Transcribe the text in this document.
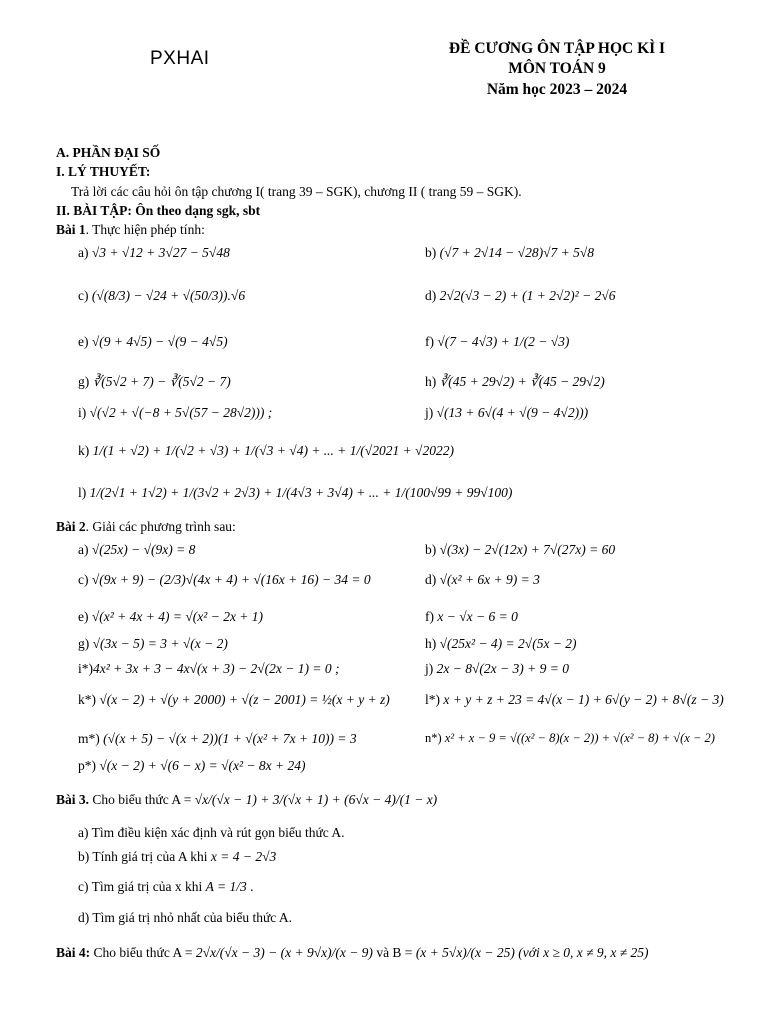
PXHAI	ĐỀ CƯƠNG ÔN TẬP HỌC KÌ I
MÔN TOÁN 9
Năm học 2023 – 2024
A. PHẦN ĐẠI SỐ
I. LÝ THUYẾT:
Trả lời các câu hỏi ôn tập chương I( trang 39 – SGK), chương II ( trang 59 – SGK).
II. BÀI TẬP: Ôn theo dạng sgk, sbt
Bài 1. Thực hiện phép tính:
a) √3 + √12 + 3√27 − 5√48	b) (√7 + 2√14 − √28)√7 + 5√8
c) (√(8/3) − √24 + √(50/3)).√6	d) 2√2(√3 − 2) + (1 + 2√2)² − 2√6
e) √(9 + 4√5) − √(9 − 4√5)	f) √(7 − 4√3) + 1/(2 − √3)
g) ∛(5√2 + 7) − ∛(5√2 − 7)	h) ∛(45 + 29√2) + ∛(45 − 29√2)
i) √(√2 + √(−8 + 5√(57 − 28√2))) ;	j) √(13 + 6√(4 + √(9 − 4√2)))
k) 1/(1 + √2) + 1/(√2 + √3) + 1/(√3 + √4) + ... + 1/(√2021 + √2022)
l) 1/(2√1 + 1√2) + 1/(3√2 + 2√3) + 1/(4√3 + 3√4) + ... + 1/(100√99 + 99√100)
Bài 2. Giải các phương trình sau:
a) √(25x) − √(9x) = 8	b) √(3x) − 2√(12x) + 7√(27x) = 60
c) √(9x + 9) − (2/3)√(4x + 4) + √(16x + 16) − 34 = 0	d) √(x² + 6x + 9) = 3
e) √(x² + 4x + 4) = √(x² − 2x + 1)	f) x − √x − 6 = 0
g) √(3x − 5) = 3 + √(x − 2)	h) √(25x² − 4) = 2√(5x − 2)
i*)4x² + 3x + 3 − 4x√(x + 3) − 2√(2x − 1) = 0 ;	j) 2x − 8√(2x − 3) + 9 = 0
k*) √(x − 2) + √(y + 2000) + √(z − 2001) = ½(x + y + z)	l*) x + y + z + 23 = 4√(x − 1) + 6√(y − 2) + 8√(z − 3)
m*) (√(x + 5) − √(x + 2))(1 + √(x² + 7x + 10)) = 3	n*) x² + x − 9 = √((x² − 8)(x − 2)) + √(x² − 8) + √(x − 2)
p*) √(x − 2) + √(6 − x) = √(x² − 8x + 24)
Bài 3. Cho biểu thức A = √x/(√x − 1) + 3/(√x + 1) + (6√x − 4)/(1 − x)
a) Tìm điều kiện xác định và rút gọn biểu thức A.
b) Tính giá trị của A khi x = 4 − 2√3
c) Tìm giá trị của x khi A = 1/3 .
d) Tìm giá trị nhỏ nhất của biểu thức A.
Bài 4: Cho biểu thức A = 2√x/(√x − 3) − (x + 9√x)/(x − 9) và B = (x + 5√x)/(x − 25) (với x ≥ 0, x ≠ 9, x ≠ 25)
